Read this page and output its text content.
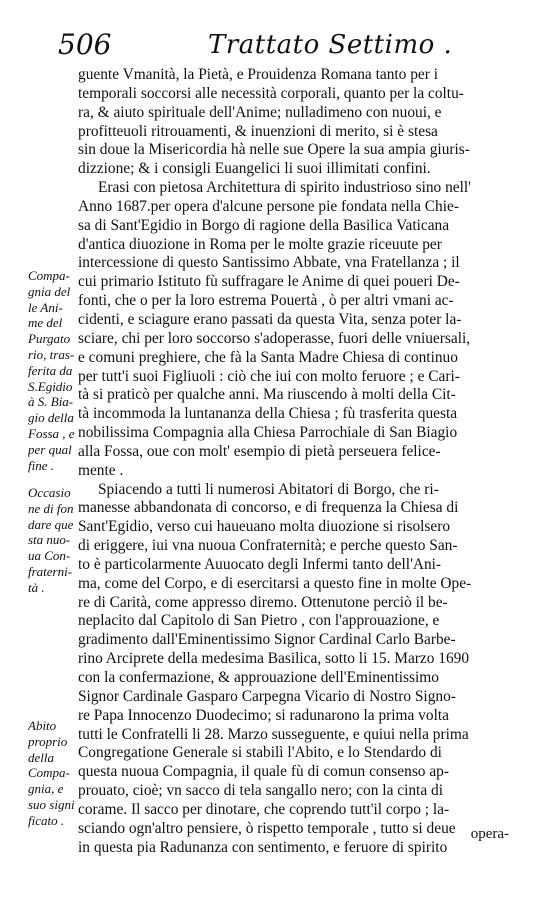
506	Trattato Settimo .
guente Vmanità, la Pietà, e Prouidenza Romana tanto per i
temporali soccorsi alle necessità corporali, quanto per la coltu-
ra, & aiuto spirituale dell'Anime; nulladimeno con nuoui, e
profitteuoli ritrouamenti, & inuenzioni di merito, si è stesa
sin doue la Misericordia hà nelle sue Opere la sua ampia giuris-
dizzione; & i consigli Euangelici li suoi illimitati confini.
Erasi con pietosa Architettura di spirito industrioso sino nell'
Anno 1687.per opera d'alcune persone pie fondata nella Chie-
sa di Sant'Egidio in Borgo di ragione della Basilica Vaticana
d'antica diuozione in Roma per le molte grazie riceuute per
intercessione di questo Santissimo Abbate, vna Fratellanza ; il
cui primario Istituto fù suffragare le Anime di quei poueri De-
fonti, che o per la loro estrema Pouertà , ò per altri vmani ac-
cidenti, e sciagure erano passati da questa Vita, senza poter la-
sciare, chi per loro soccorso s'adoperasse, fuori delle vniuersali,
e comuni preghiere, che fà la Santa Madre Chiesa di continuo
per tutt'i suoi Figliuoli : ciò che iui con molto feruore ; e Cari-
tà si praticò per qualche anni. Ma riuscendo à molti della Cit-
tà incommoda la luntananza della Chiesa ; fù trasferita questa
nobilissima Compagnia alla Chiesa Parrochiale di San Biagio
alla Fossa, oue con molt' esempio di pietà perseuera felice-
mente .
Spiacendo a tutti li numerosi Abitatori di Borgo, che ri-
manesse abbandonata di concorso, e di frequenza la Chiesa di
Sant'Egidio, verso cui haueuano molta diuozione si risolsero
di eriggere, iui vna nuoua Confraternità; e perche questo San-
to è particolarmente Auuocato degli Infermi tanto dell'Ani-
ma, come del Corpo, e di esercitarsi a questo fine in molte Ope-
re di Carità, come appresso diremo. Ottenutone perciò il be-
neplacito dal Capitolo di San Pietro , con l'approuazione, e
gradimento dall'Eminentissimo Signor Cardinal Carlo Barbe-
rino Arciprete della medesima Basilica, sotto li 15. Marzo 1690
con la confermazione, & approuazione dell'Eminentissimo
Signor Cardinale Gasparo Carpegna Vicario di Nostro Signo-
re Papa Innocenzo Duodecimo; si radunarono la prima volta
tutti le Confratelli li 28. Marzo susseguente, e quiui nella prima
Congregatione Generale si stabilì l'Abito, e lo Stendardo di
questa nuoua Compagnia, il quale fù di comun consenso ap-
prouato, cioè; vn sacco di tela sangallo nero; con la cinta di
corame. Il sacco per dinotare, che coprendo tutt'il corpo ; la-
sciando ogn'altro pensiere, ò rispetto temporale , tutto si deue
in questa pia Radunanza con sentimento, e feruore di spirito
Compa-
gnia del
le Ani-
me del
Purgato
rio, tras-
ferita da
S.Egidio
à S. Bia-
gio della
Fossa , e
per qual
fine .
Occasio
ne di fon
dare que
sta nuo-
ua Con-
fraterni-
tà .
Abito
proprio
della
Compa-
gnia, e
suo signi
ficato .
opera-
